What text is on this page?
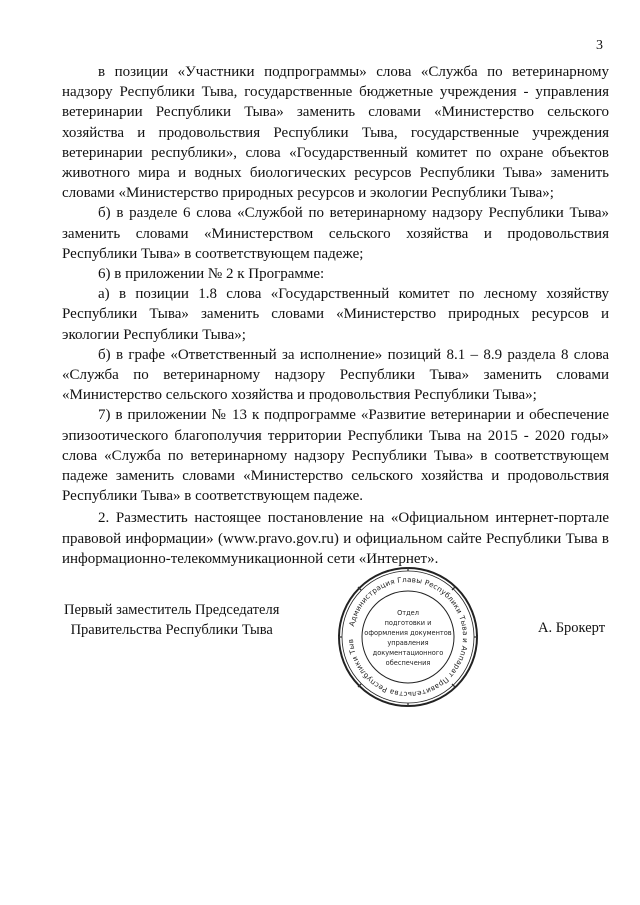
3

в позиции «Участники подпрограммы» слова «Служба по ветеринарному надзору Республики Тыва, государственные бюджетные учреждения - управления ветеринарии Республики Тыва» заменить словами «Министерство сельского хозяйства и продовольствия Республики Тыва, государственные учреждения ветеринарии республики», слова «Государственный комитет по охране объектов животного мира и водных биологических ресурсов Республики Тыва» заменить словами «Министерство природных ресурсов и экологии Республики Тыва»;

б) в разделе 6 слова «Службой по ветеринарному надзору Республики Тыва» заменить словами «Министерством сельского хозяйства и продовольствия Республики Тыва» в соответствующем падеже;

6) в приложении № 2 к Программе:

а) в позиции 1.8 слова «Государственный комитет по лесному хозяйству Республики Тыва» заменить словами «Министерство природных ресурсов и экологии Республики Тыва»;

б) в графе «Ответственный за исполнение» позиций 8.1 – 8.9 раздела 8 слова «Служба по ветеринарному надзору Республики Тыва» заменить словами «Министерство сельского хозяйства и продовольствия Республики Тыва»;

7) в приложении № 13 к подпрограмме «Развитие ветеринарии и обеспечение эпизоотического благополучия территории Республики Тыва на 2015 - 2020 годы» слова «Служба по ветеринарному надзору Республики Тыва» в соответствующем падеже заменить словами «Министерство сельского хозяйства и продовольствия Республики Тыва» в соответствующем падеже.

2. Разместить настоящее постановление на «Официальном интернет-портале правовой информации» (www.pravo.gov.ru) и официальном сайте Республики Тыва в информационно-телекоммуникационной сети «Интернет».

Первый заместитель Председателя
Правительства Республики Тыва	Администрация Главы Республики Тыва и Аппарат Правительства Республики Тыв
Отдел
подготовки и
оформления документов
управления
документационного
обеспечения
А. Брокерт
